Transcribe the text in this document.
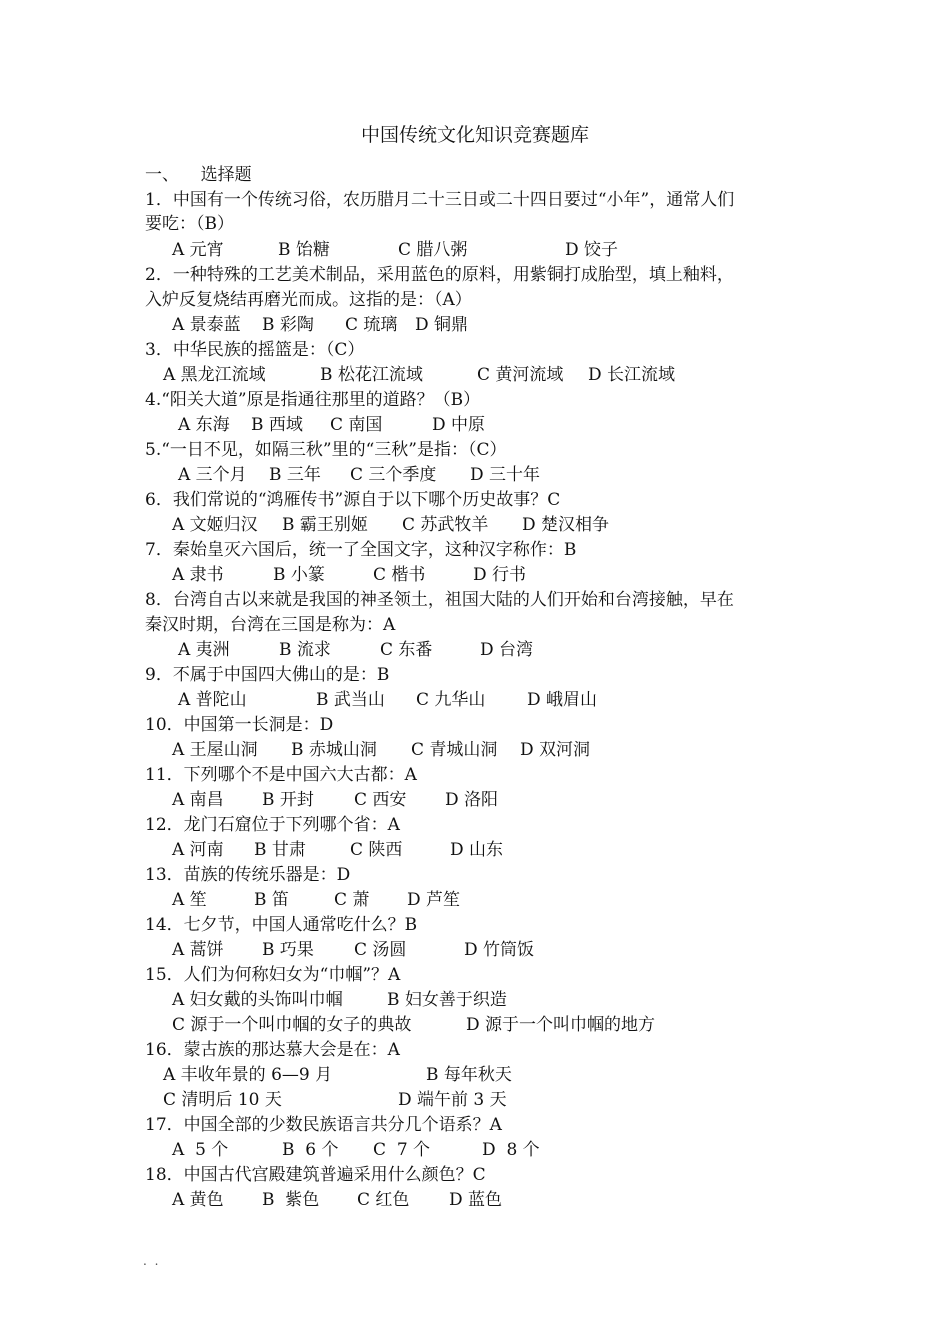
中国传统文化知识竞赛题库
一、    选择题
1．中国有一个传统习俗，农历腊月二十三日或二十四日要过“小年”，通常人们
要吃：（B）
A 元宵	B 饴糖	C 腊八粥	D 饺子
2．一种特殊的工艺美术制品，采用蓝色的原料，用紫铜打成胎型，填上釉料，
入炉反复烧结再磨光而成。这指的是：（A）
A 景泰蓝 B 彩陶 C 琉璃 D 铜鼎
3．中华民族的摇篮是：（C）
A 黑龙江流域	B 松花江流域	C 黄河流域 D 长江流域
4.“阳关大道”原是指通往那里的道路？（B）
A 东海 B 西域 C 南国	D 中原
5.“一日不见，如隔三秋”里的“三秋”是指：（C）
A 三个月 B 三年 C 三个季度 D 三十年
6．我们常说的“鸿雁传书”源自于以下哪个历史故事？C
A 文姬归汉 B 霸王别姬 C 苏武牧羊 D 楚汉相争
7．秦始皇灭六国后，统一了全国文字，这种汉字称作：B
A 隶书	B 小篆	C 楷书	D 行书
8．台湾自古以来就是我国的神圣领土，祖国大陆的人们开始和台湾接触，早在
秦汉时期，台湾在三国是称为：A
A 夷洲	B 流求	C 东番	D 台湾
9．不属于中国四大佛山的是：B
A 普陀山	B 武当山 C 九华山 D 峨眉山
10．中国第一长洞是：D
A 王屋山洞 B 赤城山洞 C 青城山洞 D 双河洞
11．下列哪个不是中国六大古都：A
A 南昌 B 开封 C 西安 D 洛阳
12．龙门石窟位于下列哪个省：A
A 河南 B 甘肃	C 陕西	D 山东
13．苗族的传统乐器是：D
A 笙	B 笛	C 萧 D 芦笙
14．七夕节，中国人通常吃什么？B
A 蒿饼 B 巧果 C 汤圆	D 竹筒饭
15．人们为何称妇女为“巾帼”？A
A 妇女戴的头饰叫巾帼	B 妇女善于织造
C 源于一个叫巾帼的女子的典故	D 源于一个叫巾帼的地方
16．蒙古族的那达慕大会是在：A
A 丰收年景的 6—9 月	B 每年秋天
C 清明后 10 天	D 端午前 3 天
17．中国全部的少数民族语言共分几个语系？A
A  5 个	B  6 个 C  7 个	D  8 个
18．中国古代宫殿建筑普遍采用什么颜色？C
A 黄色 B  紫色 C 红色 D 蓝色
. .
